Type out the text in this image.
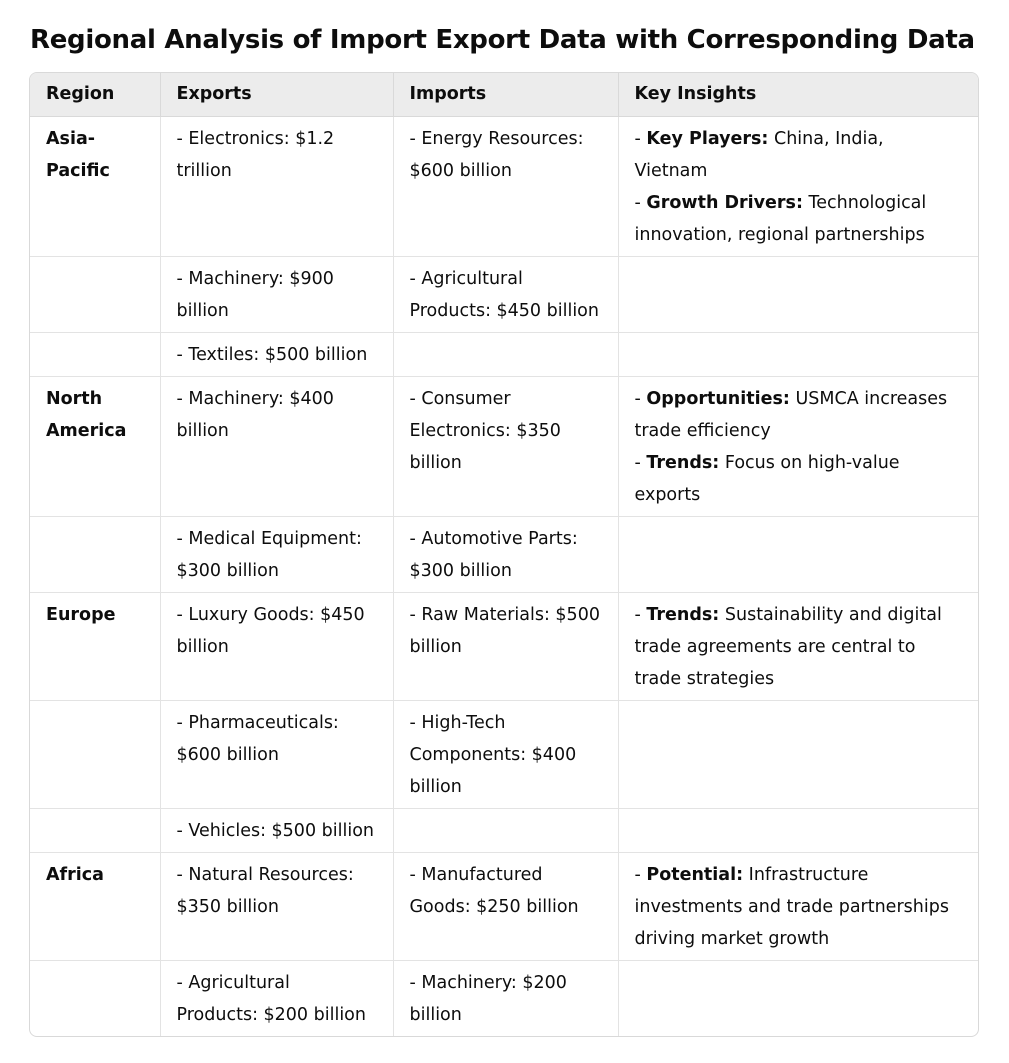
Regional Analysis of Import Export Data with Corresponding Data
Region	Exports	Imports	Key Insights
Asia-
Pacific	- Electronics: $1.2 trillion	- Energy Resources: $600 billion	- Key Players: China, India, Vietnam
- Growth Drivers: Technological innovation, regional partnerships

	- Machinery: $900 billion	- Agricultural Products: $450 billion	
	- Textiles: $500 billion		
North America	- Machinery: $400 billion	- Consumer Electronics: $350 billion	- Opportunities: USMCA increases trade efficiency
- Trends: Focus on high-value exports

	- Medical Equipment: $300 billion	- Automotive Parts: $300 billion	
Europe	- Luxury Goods: $450 billion	- Raw Materials: $500 billion	- Trends: Sustainability and digital trade agreements are central to trade strategies

	- Pharmaceuticals: $600 billion	- High-Tech Components: $400 billion	
	- Vehicles: $500 billion		
Africa	- Natural Resources: $350 billion	- Manufactured Goods: $250 billion	- Potential: Infrastructure investments and trade partnerships driving market growth

	- Agricultural Products: $200 billion	- Machinery: $200 billion	
